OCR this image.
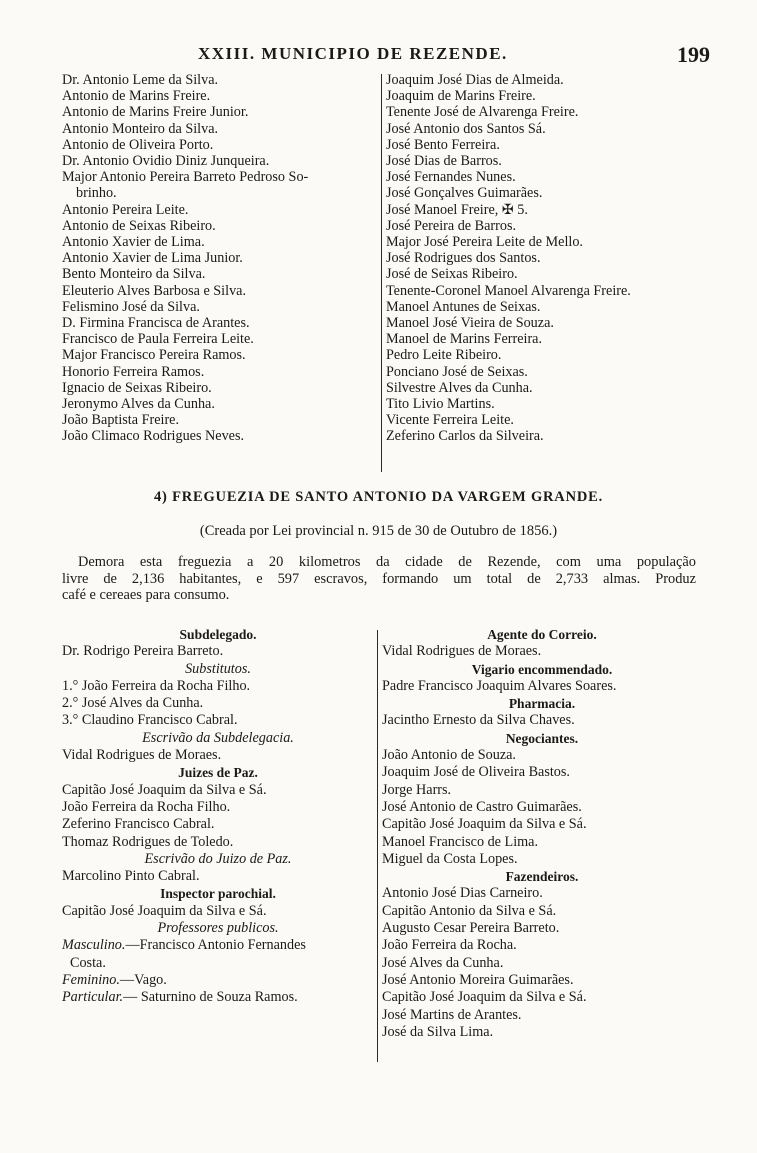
XXIII. MUNICIPIO DE REZENDE.	199
Dr. Antonio Leme da Silva.
Antonio de Marins Freire.
Antonio de Marins Freire Junior.
Antonio Monteiro da Silva.
Antonio de Oliveira Porto.
Dr. Antonio Ovidio Diniz Junqueira.
Major Antonio Pereira Barreto Pedroso So-
brinho.
Antonio Pereira Leite.
Antonio de Seixas Ribeiro.
Antonio Xavier de Lima.
Antonio Xavier de Lima Junior.
Bento Monteiro da Silva.
Eleuterio Alves Barbosa e Silva.
Felismino José da Silva.
D. Firmina Francisca de Arantes.
Francisco de Paula Ferreira Leite.
Major Francisco Pereira Ramos.
Honorio Ferreira Ramos.
Ignacio de Seixas Ribeiro.
Jeronymo Alves da Cunha.
João Baptista Freire.
João Climaco Rodrigues Neves.
Joaquim José Dias de Almeida.
Joaquim de Marins Freire.
Tenente José de Alvarenga Freire.
José Antonio dos Santos Sá.
José Bento Ferreira.
José Dias de Barros.
José Fernandes Nunes.
José Gonçalves Guimarães.
José Manoel Freire, ✠ 5.
José Pereira de Barros.
Major José Pereira Leite de Mello.
José Rodrigues dos Santos.
José de Seixas Ribeiro.
Tenente-Coronel Manoel Alvarenga Freire.
Manoel Antunes de Seixas.
Manoel José Vieira de Souza.
Manoel de Marins Ferreira.
Pedro Leite Ribeiro.
Ponciano José de Seixas.
Silvestre Alves da Cunha.
Tito Livio Martins.
Vicente Ferreira Leite.
Zeferino Carlos da Silveira.
4) FREGUEZIA DE SANTO ANTONIO DA VARGEM GRANDE.
(Creada por Lei provincial n. 915 de 30 de Outubro de 1856.)
Demora esta freguezia a 20 kilometros da cidade de Rezende, com uma população
livre de 2,136 habitantes, e 597 escravos, formando um total de 2,733 almas. Produz
café e cereaes para consumo.
Subdelegado.
Dr. Rodrigo Pereira Barreto.
Substitutos.
1.° João Ferreira da Rocha Filho.
2.° José Alves da Cunha.
3.° Claudino Francisco Cabral.
Escrivão da Subdelegacia.
Vidal Rodrigues de Moraes.
Juizes de Paz.
Capitão José Joaquim da Silva e Sá.
João Ferreira da Rocha Filho.
Zeferino Francisco Cabral.
Thomaz Rodrigues de Toledo.
Escrivão do Juizo de Paz.
Marcolino Pinto Cabral.
Inspector parochial.
Capitão José Joaquim da Silva e Sá.
Professores publicos.
Masculino.—Francisco Antonio Fernandes
Costa.
Feminino.—Vago.
Particular.— Saturnino de Souza Ramos.
Agente do Correio.
Vidal Rodrigues de Moraes.
Vigario encommendado.
Padre Francisco Joaquim Alvares Soares.
Pharmacia.
Jacintho Ernesto da Silva Chaves.
Negociantes.
João Antonio de Souza.
Joaquim José de Oliveira Bastos.
Jorge Harrs.
José Antonio de Castro Guimarães.
Capitão José Joaquim da Silva e Sá.
Manoel Francisco de Lima.
Miguel da Costa Lopes.
Fazendeiros.
Antonio José Dias Carneiro.
Capitão Antonio da Silva e Sá.
Augusto Cesar Pereira Barreto.
João Ferreira da Rocha.
José Alves da Cunha.
José Antonio Moreira Guimarães.
Capitão José Joaquim da Silva e Sá.
José Martins de Arantes.
José da Silva Lima.
